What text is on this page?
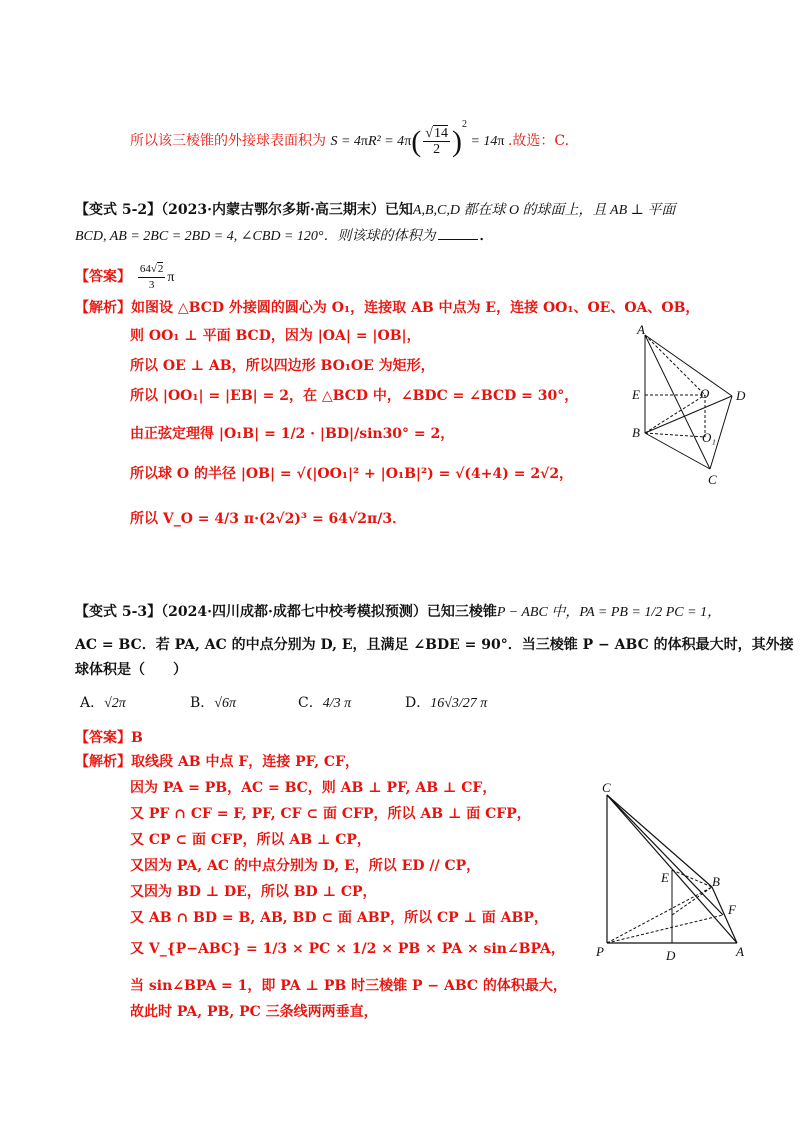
所以该三棱锥的外接球表面积为 $S = 4\pi R^2 = 4\pi( \frac{√14}{2} )^2 = 14\pi$ .故选：C.
【变式 5-2】（2023·内蒙古鄂尔多斯·高三期末）已知A,B,C,D 都在球 O 的球面上，且 AB ⊥ 平面
BCD, AB = 2BC = 2BD = 4, ∠CBD = 120°．则该球的体积为	．
【答案】 $\frac{64√2}{3}$ π
【解析】如图设 △BCD 外接圆的圆心为 O₁，连接取 AB 中点为 E，连接 OO₁、OE、OA、OB，
则 OO₁ ⊥ 平面 BCD，因为 |OA| = |OB|，
所以 OE ⊥ AB，所以四边形 BO₁OE 为矩形，
所以 |OO₁| = |EB| = 2，在 △BCD 中，∠BDC = ∠BCD = 30°，
由正弦定理得 |O₁B| = 1/2 · |BD|/sin30° = 2，
所以球 O 的半径 |OB| = √(|OO₁|² + |O₁B|²) = √(4+4) = 2√2，
所以 V_O = 4/3 π·(2√2)³ = 64√2π/3．
A
B
C
D
E	O
O₁
【变式 5-3】（2024·四川成都·成都七中校考模拟预测）已知三棱锥P − ABC 中，PA = PB = 1/2 PC = 1，
AC = BC．若 PA, AC 的中点分别为 D, E，且满足 ∠BDE = 90°．当三棱锥 P − ABC 的体积最大时，其外接
球体积是（　　）
A．√2π	B．√6π	C．4/3 π	D．16√3/27 π
【答案】B
【解析】取线段 AB 中点 F，连接 PF, CF，
因为 PA = PB，AC = BC，则 AB ⊥ PF, AB ⊥ CF，
又 PF ∩ CF = F, PF, CF ⊂ 面 CFP，所以 AB ⊥ 面 CFP，
又 CP ⊂ 面 CFP，所以 AB ⊥ CP，
又因为 PA, AC 的中点分别为 D, E，所以 ED // CP，
又因为 BD ⊥ DE，所以 BD ⊥ CP，
又 AB ∩ BD = B, AB, BD ⊂ 面 ABP，所以 CP ⊥ 面 ABP，
又 V_{P−ABC} = 1/3 × PC × 1/2 × PB × PA × sin∠BPA，
当 sin∠BPA = 1，即 PA ⊥ PB 时三棱锥 P − ABC 的体积最大，
故此时 PA, PB, PC 三条线两两垂直，
C
E	B
F
P	D	A
